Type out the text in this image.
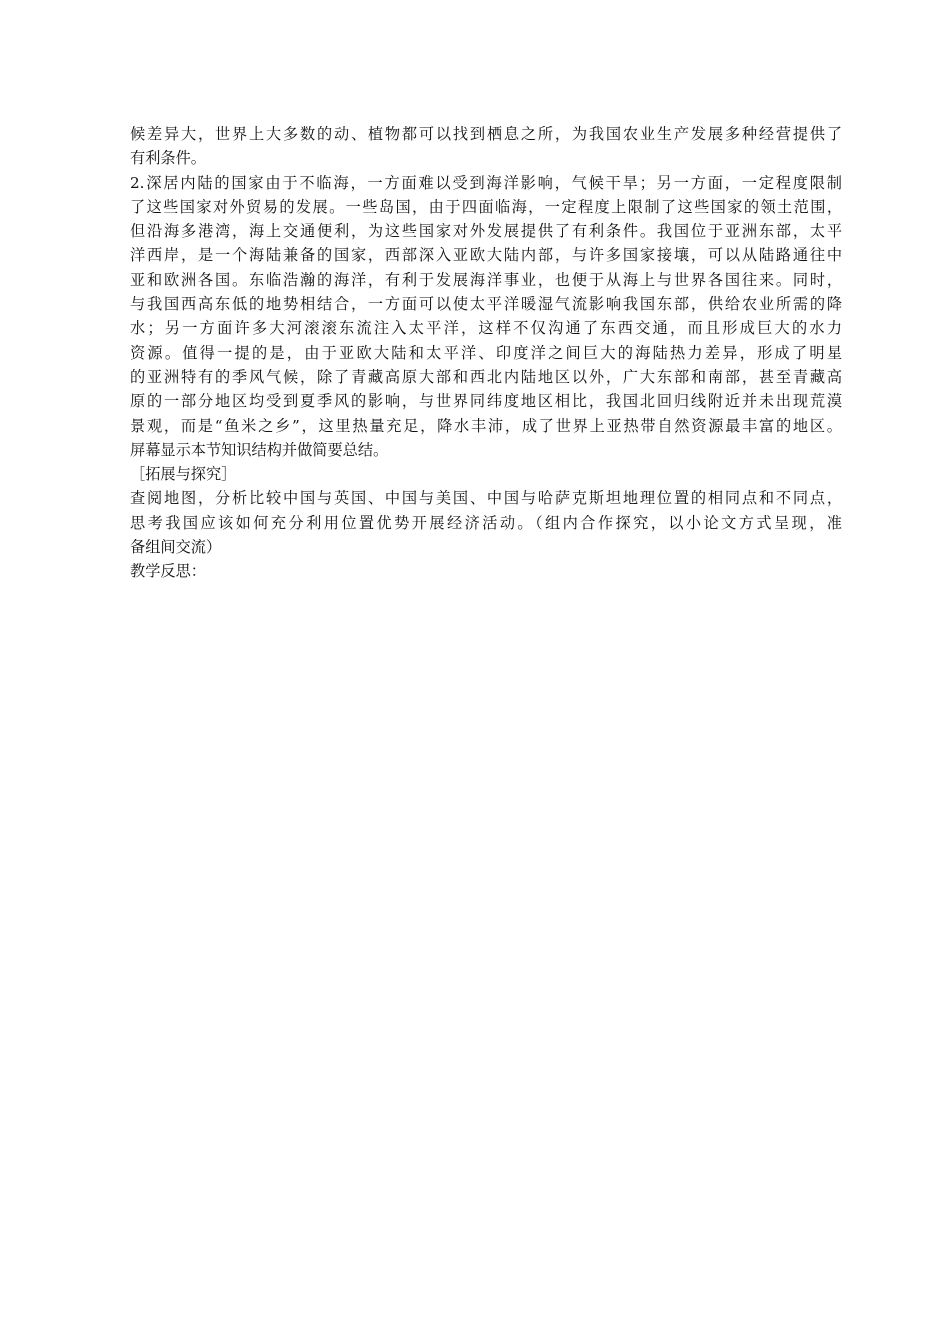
候差异大，世界上大多数的动、植物都可以找到栖息之所，为我国农业生产发展多种经营提供了
有利条件。
2.深居内陆的国家由于不临海，一方面难以受到海洋影响，气候干旱；另一方面，一定程度限制
了这些国家对外贸易的发展。一些岛国，由于四面临海，一定程度上限制了这些国家的领土范围，
但沿海多港湾，海上交通便利，为这些国家对外发展提供了有利条件。我国位于亚洲东部，太平
洋西岸，是一个海陆兼备的国家，西部深入亚欧大陆内部，与许多国家接壤，可以从陆路通往中
亚和欧洲各国。东临浩瀚的海洋，有利于发展海洋事业，也便于从海上与世界各国往来。同时，
与我国西高东低的地势相结合，一方面可以使太平洋暖湿气流影响我国东部，供给农业所需的降
水；另一方面许多大河滚滚东流注入太平洋，这样不仅沟通了东西交通，而且形成巨大的水力
资源。值得一提的是，由于亚欧大陆和太平洋、印度洋之间巨大的海陆热力差异，形成了明星
的亚洲特有的季风气候，除了青藏高原大部和西北内陆地区以外，广大东部和南部，甚至青藏高
原的一部分地区均受到夏季风的影响，与世界同纬度地区相比，我国北回归线附近并未出现荒漠
景观，而是“鱼米之乡”，这里热量充足，降水丰沛，成了世界上亚热带自然资源最丰富的地区。
屏幕显示本节知识结构并做简要总结。
［拓展与探究］
查阅地图，分析比较中国与英国、中国与美国、中国与哈萨克斯坦地理位置的相同点和不同点，
思考我国应该如何充分利用位置优势开展经济活动。（组内合作探究，以小论文方式呈现，准
备组间交流）
教学反思：
